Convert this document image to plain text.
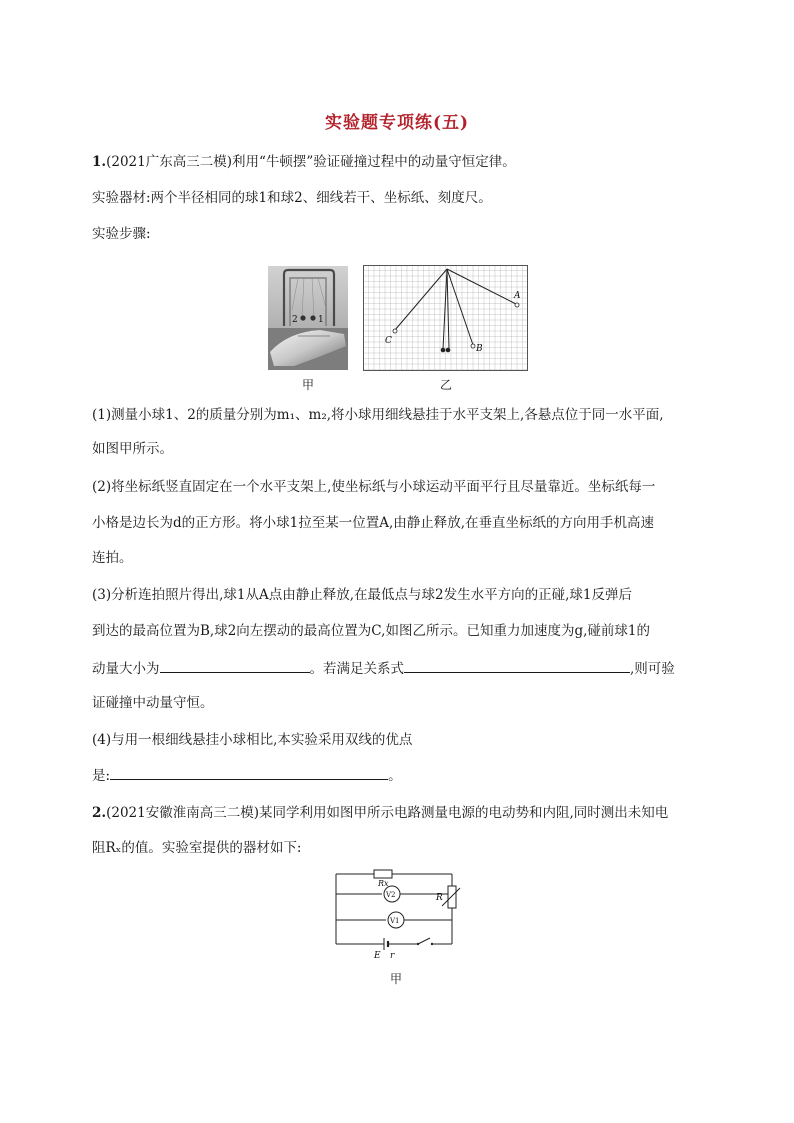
实验题专项练(五)
1.(2021广东高三二模)利用“牛顿摆”验证碰撞过程中的动量守恒定律。
实验器材:两个半径相同的球1和球2、细线若干、坐标纸、刻度尺。
实验步骤:
2 1
A
C
B
甲	乙
(1)测量小球1、2的质量分别为m₁、m₂,将小球用细线悬挂于水平支架上,各悬点位于同一水平面,
如图甲所示。
(2)将坐标纸竖直固定在一个水平支架上,使坐标纸与小球运动平面平行且尽量靠近。坐标纸每一
小格是边长为d的正方形。将小球1拉至某一位置A,由静止释放,在垂直坐标纸的方向用手机高速
连拍。
(3)分析连拍照片得出,球1从A点由静止释放,在最低点与球2发生水平方向的正碰,球1反弹后
到达的最高位置为B,球2向左摆动的最高位置为C,如图乙所示。已知重力加速度为g,碰前球1的
动量大小为	。若满足关系式	,则可验
证碰撞中动量守恒。
(4)与用一根细线悬挂小球相比,本实验采用双线的优点
是:	。
2.(2021安徽淮南高三二模)某同学利用如图甲所示电路测量电源的电动势和内阻,同时测出未知电
阻Rₓ的值。实验室提供的器材如下:
Rx
V2
V1
R
E r
甲
